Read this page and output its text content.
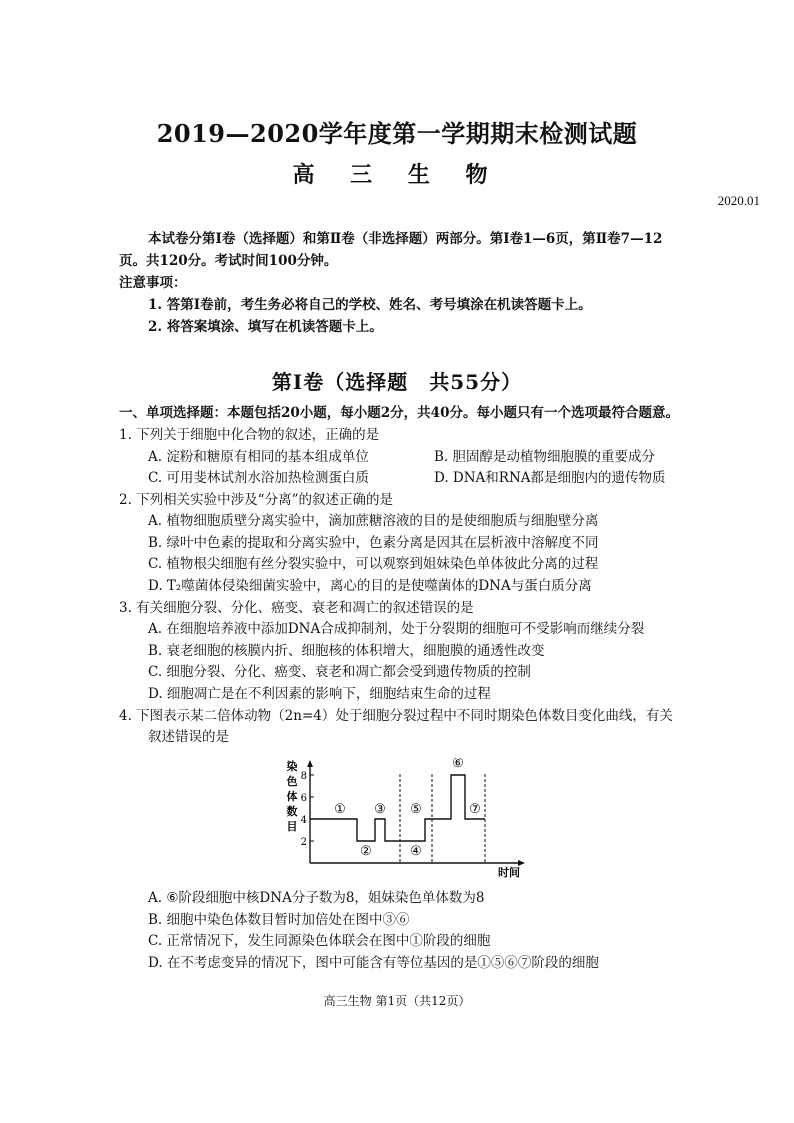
2019—2020学年度第一学期期末检测试题
高 三 生 物
2020.01
本试卷分第Ⅰ卷（选择题）和第Ⅱ卷（非选择题）两部分。第Ⅰ卷1—6页，第Ⅱ卷7—12
页。共120分。考试时间100分钟。
注意事项：
1. 答第Ⅰ卷前，考生务必将自己的学校、姓名、考号填涂在机读答题卡上。
2. 将答案填涂、填写在机读答题卡上。
第Ⅰ卷（选择题　共55分）
一、单项选择题：本题包括20小题，每小题2分，共40分。每小题只有一个选项最符合题意。
1. 下列关于细胞中化合物的叙述，正确的是
A. 淀粉和糖原有相同的基本组成单位	B. 胆固醇是动植物细胞膜的重要成分
C. 可用斐林试剂水浴加热检测蛋白质	D. DNA和RNA都是细胞内的遗传物质
2. 下列相关实验中涉及“分离”的叙述正确的是
A. 植物细胞质壁分离实验中，滴加蔗糖溶液的目的是使细胞质与细胞壁分离
B. 绿叶中色素的提取和分离实验中，色素分离是因其在层析液中溶解度不同
C. 植物根尖细胞有丝分裂实验中，可以观察到姐妹染色单体彼此分离的过程
D. T₂噬菌体侵染细菌实验中，离心的目的是使噬菌体的DNA与蛋白质分离
3. 有关细胞分裂、分化、癌变、衰老和凋亡的叙述错误的是
A. 在细胞培养液中添加DNA合成抑制剂，处于分裂期的细胞可不受影响而继续分裂
B. 衰老细胞的核膜内折、细胞核的体积增大，细胞膜的通透性改变
C. 细胞分裂、分化、癌变、衰老和凋亡都会受到遗传物质的控制
D. 细胞凋亡是在不利因素的影响下，细胞结束生命的过程
4. 下图表示某二倍体动物（2n=4）处于细胞分裂过程中不同时期染色体数目变化曲线，有关
叙述错误的是
染
色
体
数
目
2
4
6
8
①
②
③
④
⑤
⑥
⑦
时间
A. ⑥阶段细胞中核DNA分子数为8，姐妹染色单体数为8
B. 细胞中染色体数目暂时加倍处在图中③⑥
C. 正常情况下，发生同源染色体联会在图中①阶段的细胞
D. 在不考虑变异的情况下，图中可能含有等位基因的是①⑤⑥⑦阶段的细胞
高三生物 第1页（共12页）
